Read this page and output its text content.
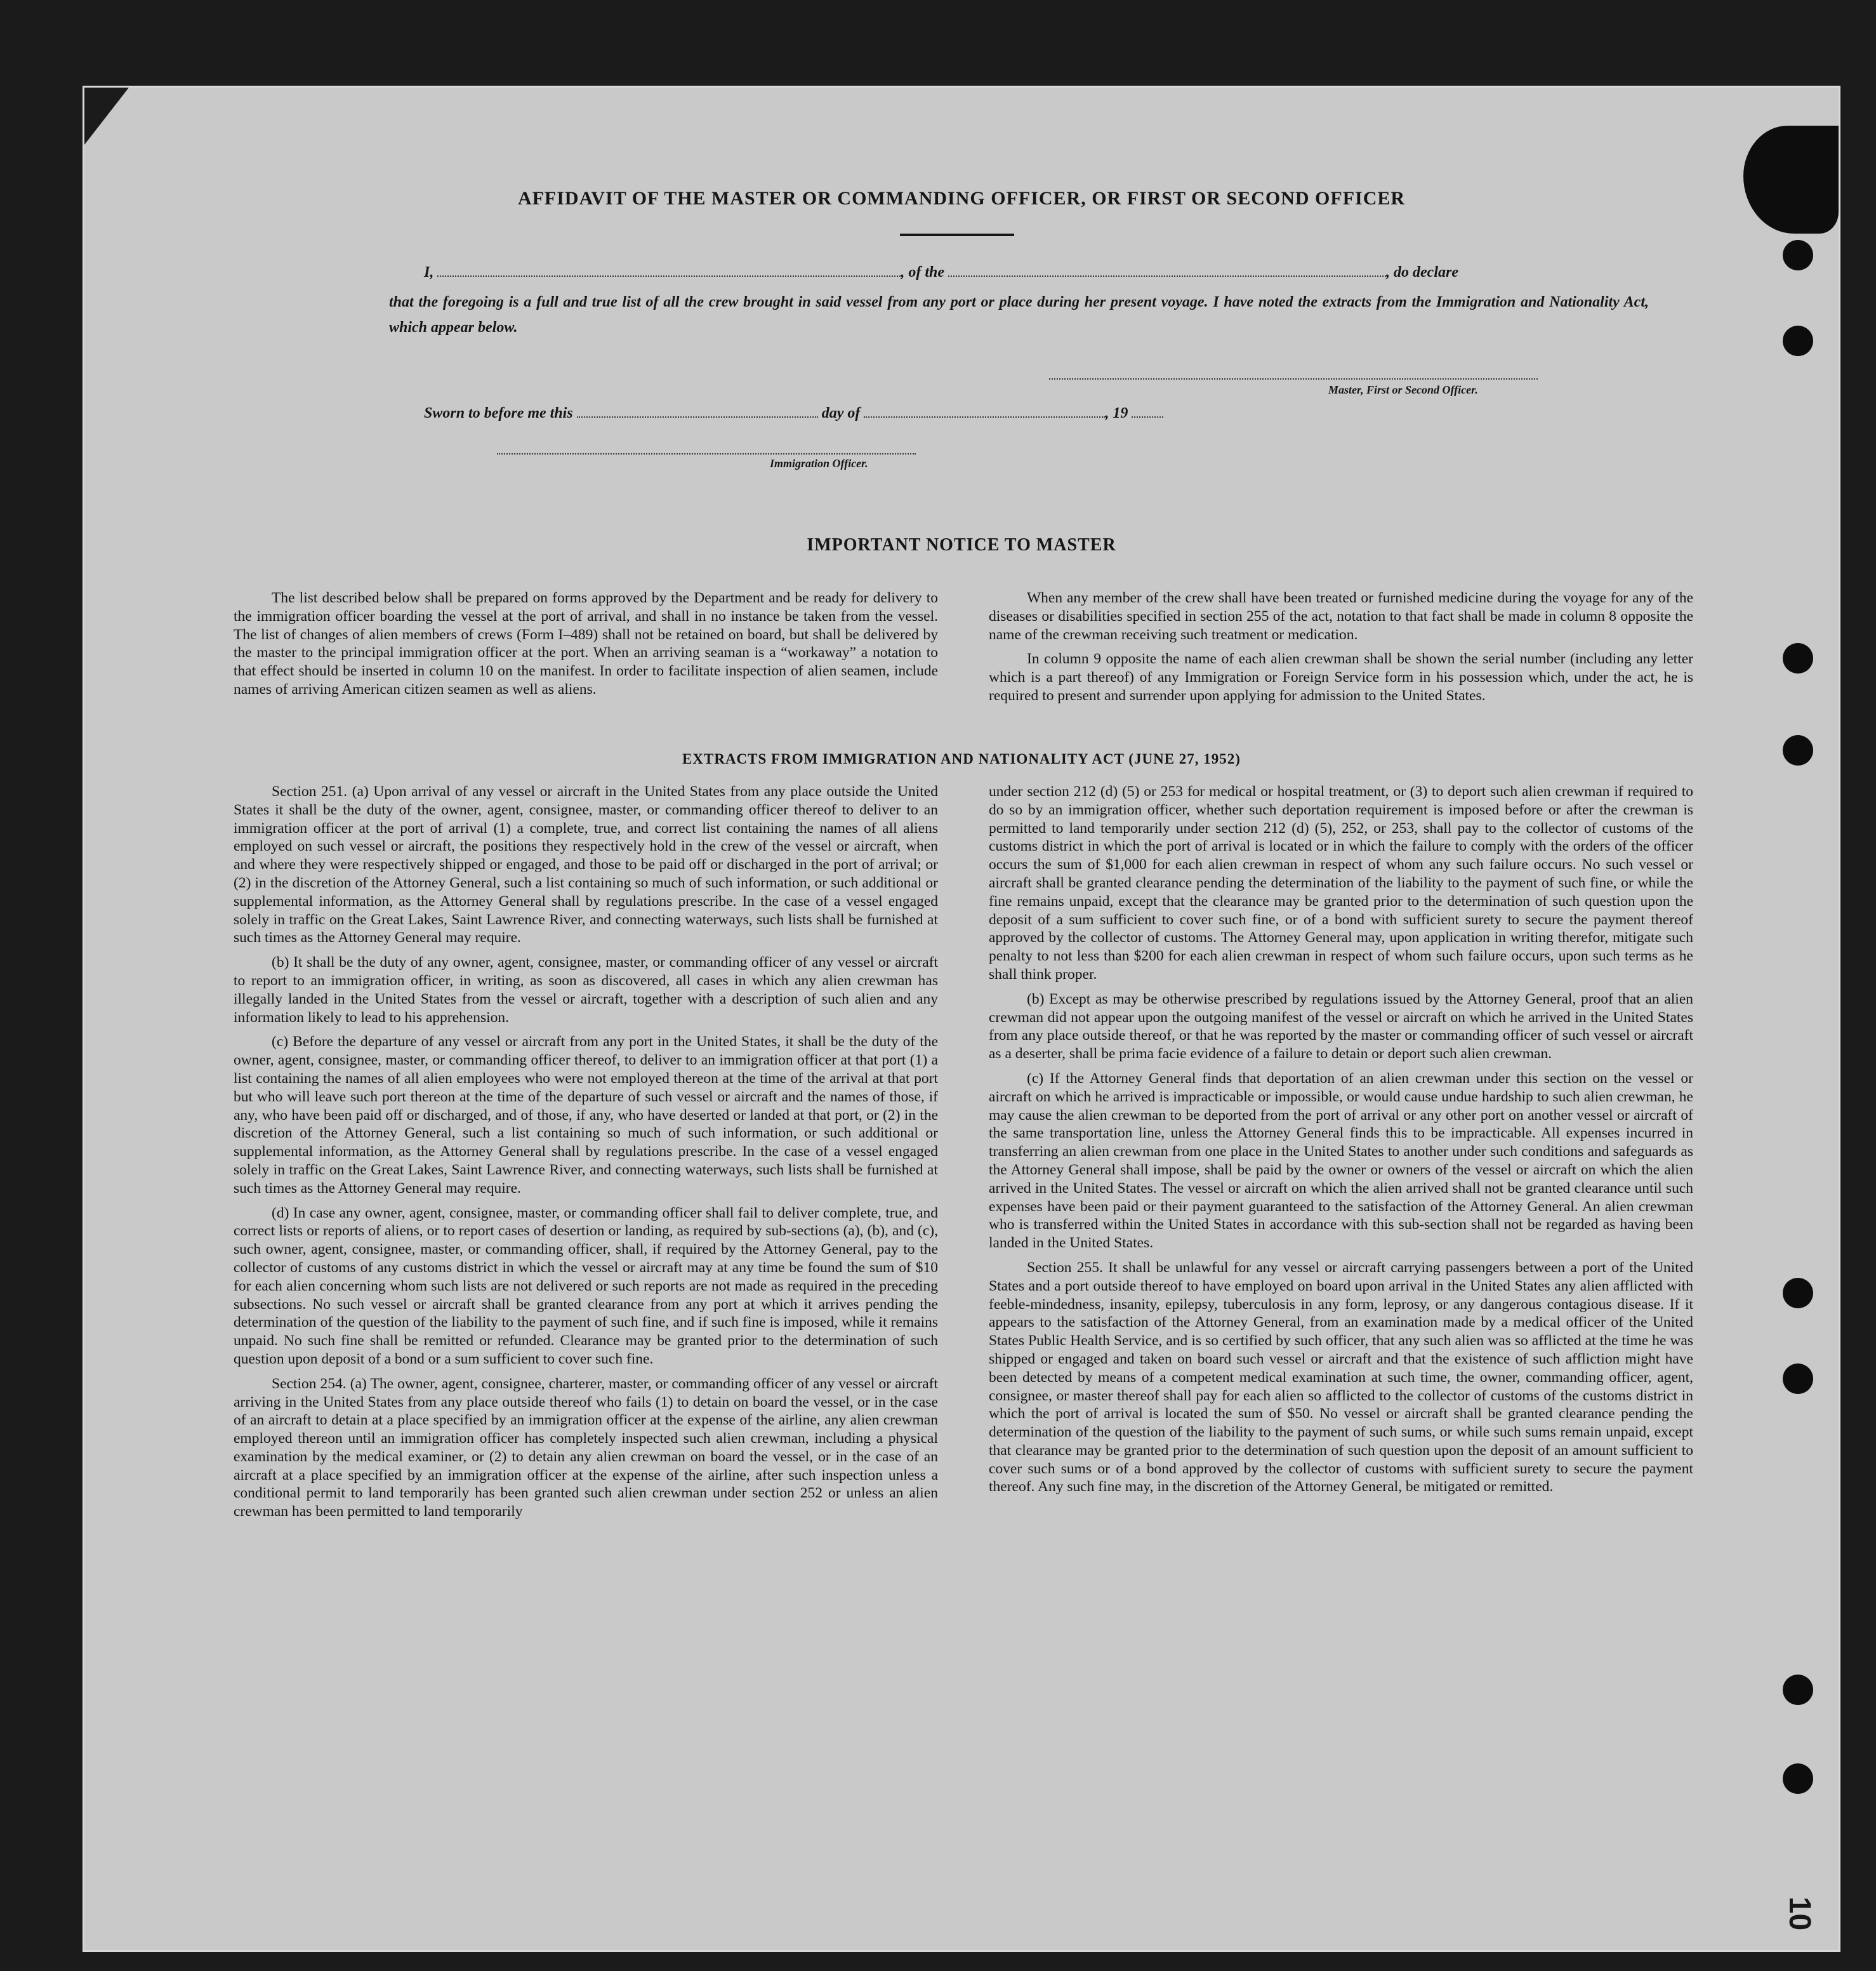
AFFIDAVIT OF THE MASTER OR COMMANDING OFFICER, OR FIRST OR SECOND OFFICER
I,	, of the	, do declare
that the foregoing is a full and true list of all the crew brought in said vessel from any port or place during her present voyage. I have noted the extracts from the Immigration and Nationality Act, which appear below.
Master, First or Second Officer.
Sworn to before me this	day of	, 19
Immigration Officer.
IMPORTANT NOTICE TO MASTER

The list described below shall be prepared on forms approved by the Department and be ready for delivery to the immigration officer boarding the vessel at the port of arrival, and shall in no instance be taken from the vessel. The list of changes of alien members of crews (Form I–489) shall not be retained on board, but shall be delivered by the master to the principal immigration officer at the port. When an arriving seaman is a “workaway” a notation to that effect should be inserted in column 10 on the manifest. In order to facilitate inspection of alien seamen, include names of arriving American citizen seamen as well as aliens.

When any member of the crew shall have been treated or furnished medicine during the voyage for any of the diseases or disabilities specified in section 255 of the act, notation to that fact shall be made in column 8 opposite the name of the crewman receiving such treatment or medication.

In column 9 opposite the name of each alien crewman shall be shown the serial number (including any letter which is a part thereof) of any Immigration or Foreign Service form in his possession which, under the act, he is required to present and surrender upon applying for admission to the United States.

EXTRACTS FROM IMMIGRATION AND NATIONALITY ACT (JUNE 27, 1952)

Section 251. (a) Upon arrival of any vessel or aircraft in the United States from any place outside the United States it shall be the duty of the owner, agent, consignee, master, or commanding officer thereof to deliver to an immigration officer at the port of arrival (1) a complete, true, and correct list containing the names of all aliens employed on such vessel or aircraft, the positions they respectively hold in the crew of the vessel or aircraft, when and where they were respectively shipped or engaged, and those to be paid off or discharged in the port of arrival; or (2) in the discretion of the Attorney General, such a list containing so much of such information, or such additional or supplemental information, as the Attorney General shall by regulations prescribe. In the case of a vessel engaged solely in traffic on the Great Lakes, Saint Lawrence River, and connecting waterways, such lists shall be furnished at such times as the Attorney General may require.

(b) It shall be the duty of any owner, agent, consignee, master, or commanding officer of any vessel or aircraft to report to an immigration officer, in writing, as soon as discovered, all cases in which any alien crewman has illegally landed in the United States from the vessel or aircraft, together with a description of such alien and any information likely to lead to his apprehension.

(c) Before the departure of any vessel or aircraft from any port in the United States, it shall be the duty of the owner, agent, consignee, master, or commanding officer thereof, to deliver to an immigration officer at that port (1) a list containing the names of all alien employees who were not employed thereon at the time of the arrival at that port but who will leave such port thereon at the time of the departure of such vessel or aircraft and the names of those, if any, who have been paid off or discharged, and of those, if any, who have deserted or landed at that port, or (2) in the discretion of the Attorney General, such a list containing so much of such information, or such additional or supplemental information, as the Attorney General shall by regulations prescribe. In the case of a vessel engaged solely in traffic on the Great Lakes, Saint Lawrence River, and connecting waterways, such lists shall be furnished at such times as the Attorney General may require.

(d) In case any owner, agent, consignee, master, or commanding officer shall fail to deliver complete, true, and correct lists or reports of aliens, or to report cases of desertion or landing, as required by sub-sections (a), (b), and (c), such owner, agent, consignee, master, or commanding officer, shall, if required by the Attorney General, pay to the collector of customs of any customs district in which the vessel or aircraft may at any time be found the sum of $10 for each alien concerning whom such lists are not delivered or such reports are not made as required in the preceding subsections. No such vessel or aircraft shall be granted clearance from any port at which it arrives pending the determination of the question of the liability to the payment of such fine, and if such fine is imposed, while it remains unpaid. No such fine shall be remitted or refunded. Clearance may be granted prior to the determination of such question upon deposit of a bond or a sum sufficient to cover such fine.

Section 254. (a) The owner, agent, consignee, charterer, master, or commanding officer of any vessel or aircraft arriving in the United States from any place outside thereof who fails (1) to detain on board the vessel, or in the case of an aircraft to detain at a place specified by an immigration officer at the expense of the airline, any alien crewman employed thereon until an immigration officer has completely inspected such alien crewman, including a physical examination by the medical examiner, or (2) to detain any alien crewman on board the vessel, or in the case of an aircraft at a place specified by an immigration officer at the expense of the airline, after such inspection unless a conditional permit to land temporarily has been granted such alien crewman under section 252 or unless an alien crewman has been permitted to land temporarily

under section 212 (d) (5) or 253 for medical or hospital treatment, or (3) to deport such alien crewman if required to do so by an immigration officer, whether such deportation requirement is imposed before or after the crewman is permitted to land temporarily under section 212 (d) (5), 252, or 253, shall pay to the collector of customs of the customs district in which the port of arrival is located or in which the failure to comply with the orders of the officer occurs the sum of $1,000 for each alien crewman in respect of whom any such failure occurs. No such vessel or aircraft shall be granted clearance pending the determination of the liability to the payment of such fine, or while the fine remains unpaid, except that the clearance may be granted prior to the determination of such question upon the deposit of a sum sufficient to cover such fine, or of a bond with sufficient surety to secure the payment thereof approved by the collector of customs. The Attorney General may, upon application in writing therefor, mitigate such penalty to not less than $200 for each alien crewman in respect of whom such failure occurs, upon such terms as he shall think proper.

(b) Except as may be otherwise prescribed by regulations issued by the Attorney General, proof that an alien crewman did not appear upon the outgoing manifest of the vessel or aircraft on which he arrived in the United States from any place outside thereof, or that he was reported by the master or commanding officer of such vessel or aircraft as a deserter, shall be prima facie evidence of a failure to detain or deport such alien crewman.

(c) If the Attorney General finds that deportation of an alien crewman under this section on the vessel or aircraft on which he arrived is impracticable or impossible, or would cause undue hardship to such alien crewman, he may cause the alien crewman to be deported from the port of arrival or any other port on another vessel or aircraft of the same transportation line, unless the Attorney General finds this to be impracticable. All expenses incurred in transferring an alien crewman from one place in the United States to another under such conditions and safeguards as the Attorney General shall impose, shall be paid by the owner or owners of the vessel or aircraft on which the alien arrived in the United States. The vessel or aircraft on which the alien arrived shall not be granted clearance until such expenses have been paid or their payment guaranteed to the satisfaction of the Attorney General. An alien crewman who is transferred within the United States in accordance with this sub-section shall not be regarded as having been landed in the United States.

Section 255. It shall be unlawful for any vessel or aircraft carrying passengers between a port of the United States and a port outside thereof to have employed on board upon arrival in the United States any alien afflicted with feeble-mindedness, insanity, epilepsy, tuberculosis in any form, leprosy, or any dangerous contagious disease. If it appears to the satisfaction of the Attorney General, from an examination made by a medical officer of the United States Public Health Service, and is so certified by such officer, that any such alien was so afflicted at the time he was shipped or engaged and taken on board such vessel or aircraft and that the existence of such affliction might have been detected by means of a competent medical examination at such time, the owner, commanding officer, agent, consignee, or master thereof shall pay for each alien so afflicted to the collector of customs of the customs district in which the port of arrival is located the sum of $50. No vessel or aircraft shall be granted clearance pending the determination of the question of the liability to the payment of such sums, or while such sums remain unpaid, except that clearance may be granted prior to the determination of such question upon the deposit of an amount sufficient to cover such sums or of a bond approved by the collector of customs with sufficient surety to secure the payment thereof. Any such fine may, in the discretion of the Attorney General, be mitigated or remitted.

10
